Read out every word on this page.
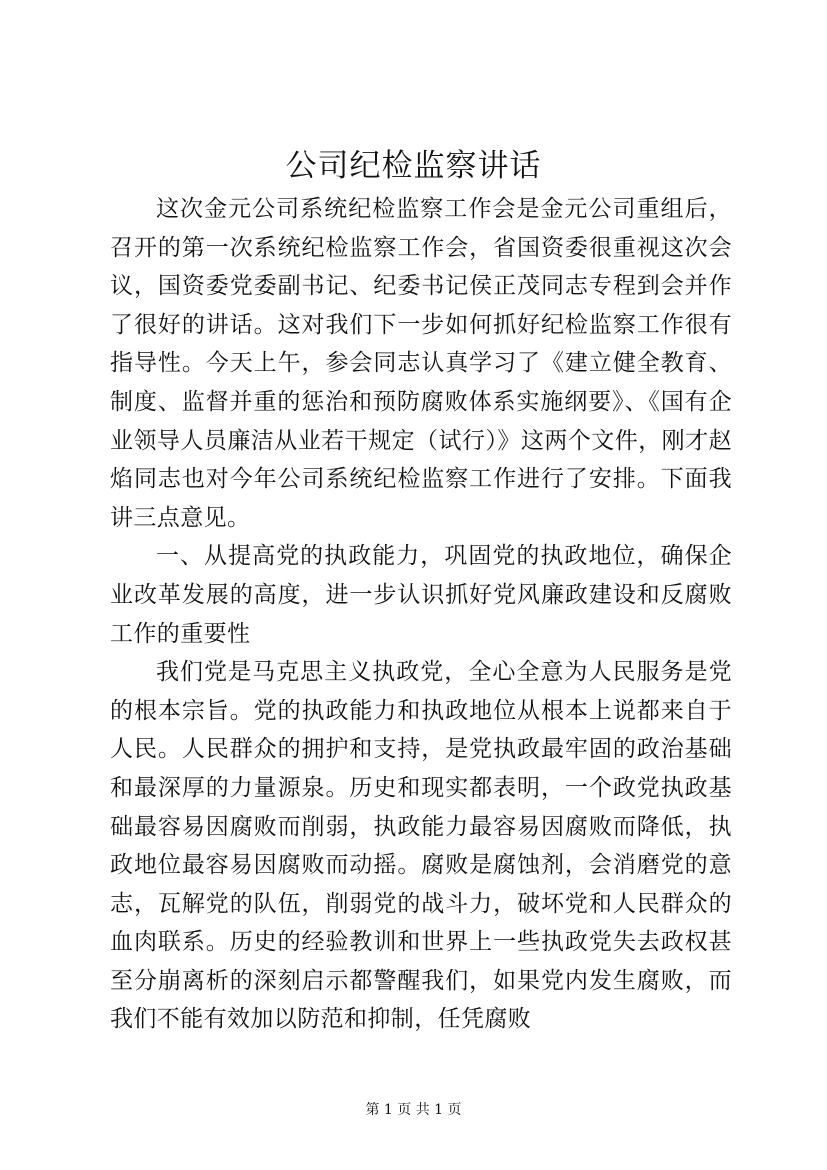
公司纪检监察讲话

这次金元公司系统纪检监察工作会是金元公司重组后，召开的第一次系统纪检监察工作会，省国资委很重视这次会议，国资委党委副书记、纪委书记侯正茂同志专程到会并作了很好的讲话。这对我们下一步如何抓好纪检监察工作很有指导性。今天上午，参会同志认真学习了《建立健全教育、制度、监督并重的惩治和预防腐败体系实施纲要》、《国有企业领导人员廉洁从业若干规定（试行）》这两个文件，刚才赵焰同志也对今年公司系统纪检监察工作进行了安排。下面我讲三点意见。

一、从提高党的执政能力，巩固党的执政地位，确保企业改革发展的高度，进一步认识抓好党风廉政建设和反腐败工作的重要性

我们党是马克思主义执政党，全心全意为人民服务是党的根本宗旨。党的执政能力和执政地位从根本上说都来自于人民。人民群众的拥护和支持，是党执政最牢固的政治基础和最深厚的力量源泉。历史和现实都表明，一个政党执政基础最容易因腐败而削弱，执政能力最容易因腐败而降低，执政地位最容易因腐败而动摇。腐败是腐蚀剂，会消磨党的意志，瓦解党的队伍，削弱党的战斗力，破坏党和人民群众的血肉联系。历史的经验教训和世界上一些执政党失去政权甚至分崩离析的深刻启示都警醒我们，如果党内发生腐败，而我们不能有效加以防范和抑制，任凭腐败

第 1 页 共 1 页
